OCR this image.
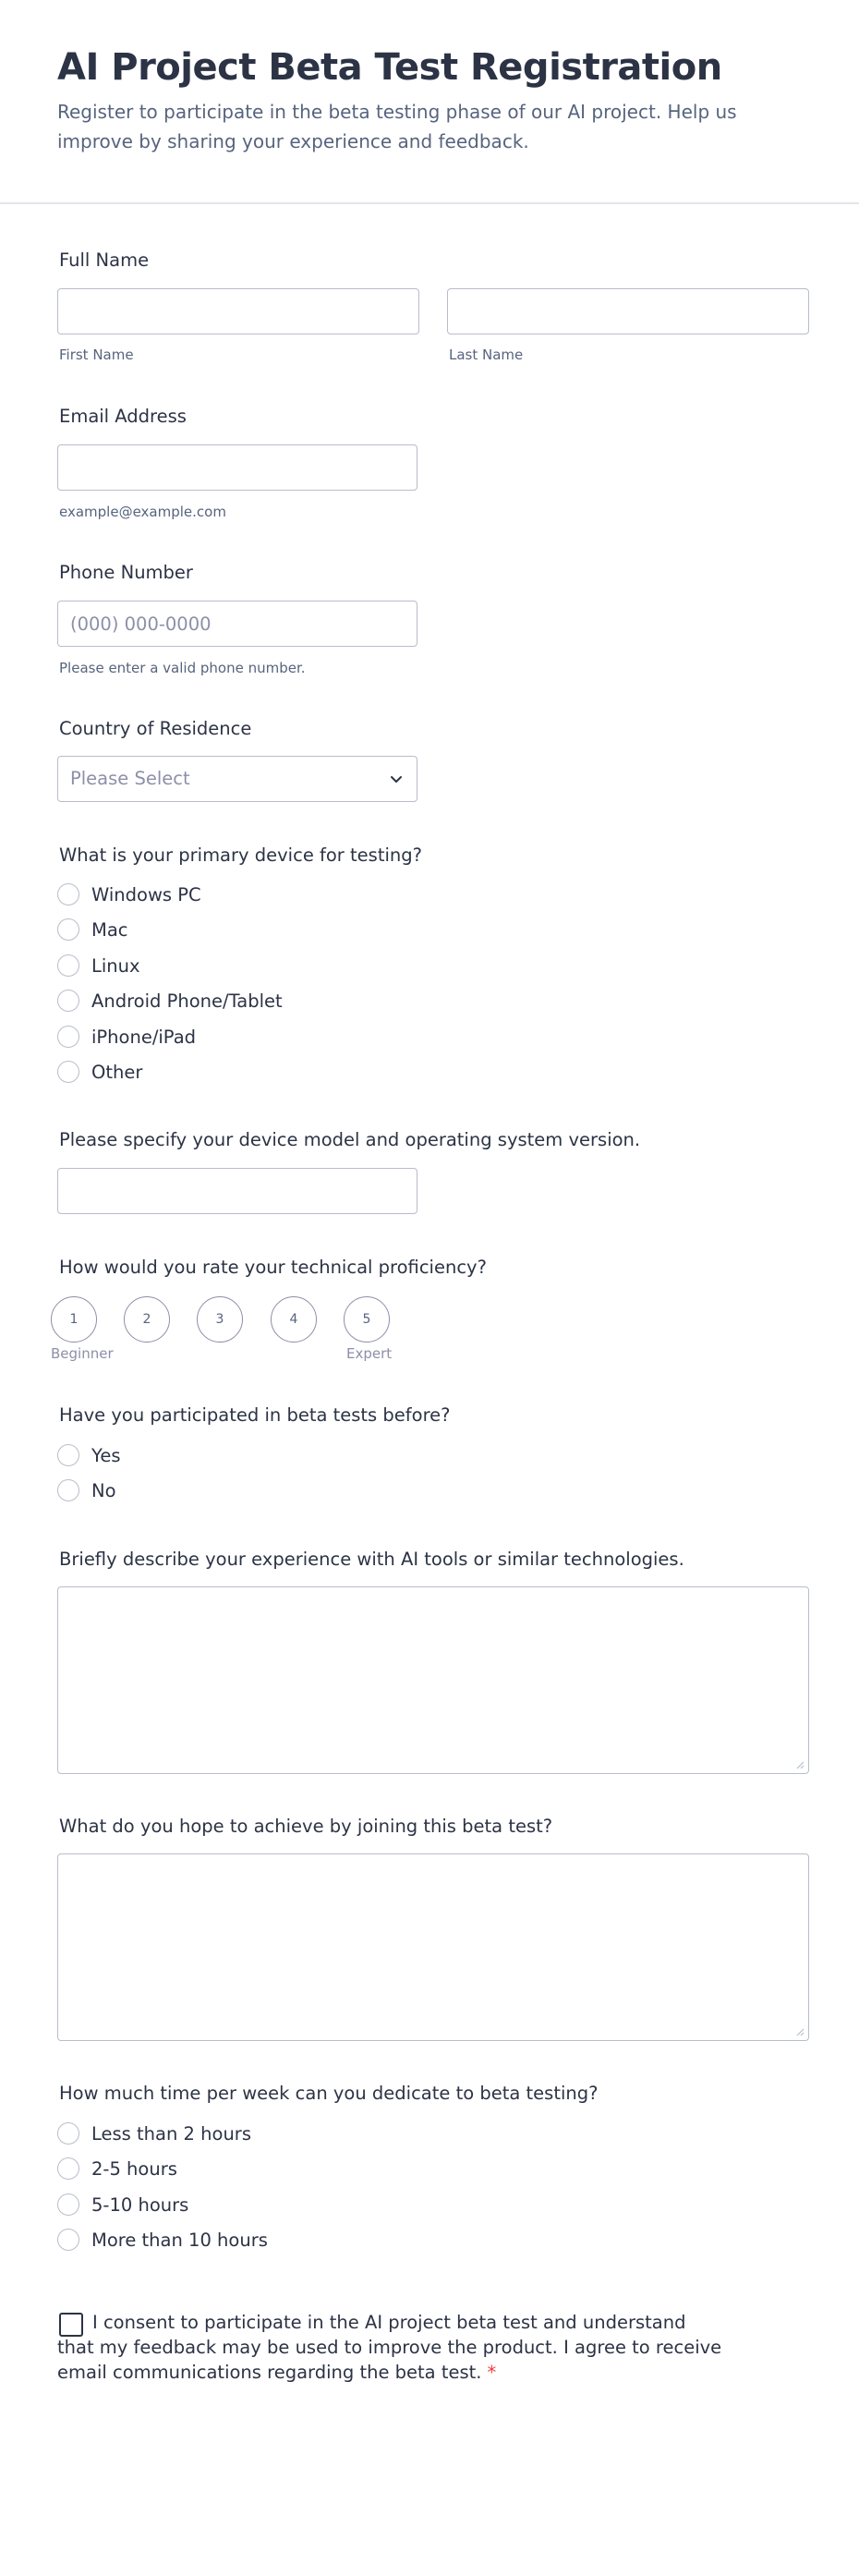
AI Project Beta Test Registration

Register to participate in the beta testing phase of our AI project. Help us improve by sharing your experience and feedback.

Full Name
First Name	Last Name
Email Address
example@example.com
Phone Number
(000) 000-0000
Please enter a valid phone number.
Country of Residence
Please Select
What is your primary device for testing?
Windows PC
Mac
Linux
Android Phone/Tablet
iPhone/iPad
Other
Please specify your device model and operating system version.
How would you rate your technical proficiency?
1	2	3	4	5
Beginner	Expert
Have you participated in beta tests before?
Yes
No
Briefly describe your experience with AI tools or similar technologies.
What do you hope to achieve by joining this beta test?
How much time per week can you dedicate to beta testing?
Less than 2 hours
2-5 hours
5-10 hours
More than 10 hours
I consent to participate in the AI project beta test and understand that my feedback may be used to improve the product. I agree to receive email communications regarding the beta test. *
